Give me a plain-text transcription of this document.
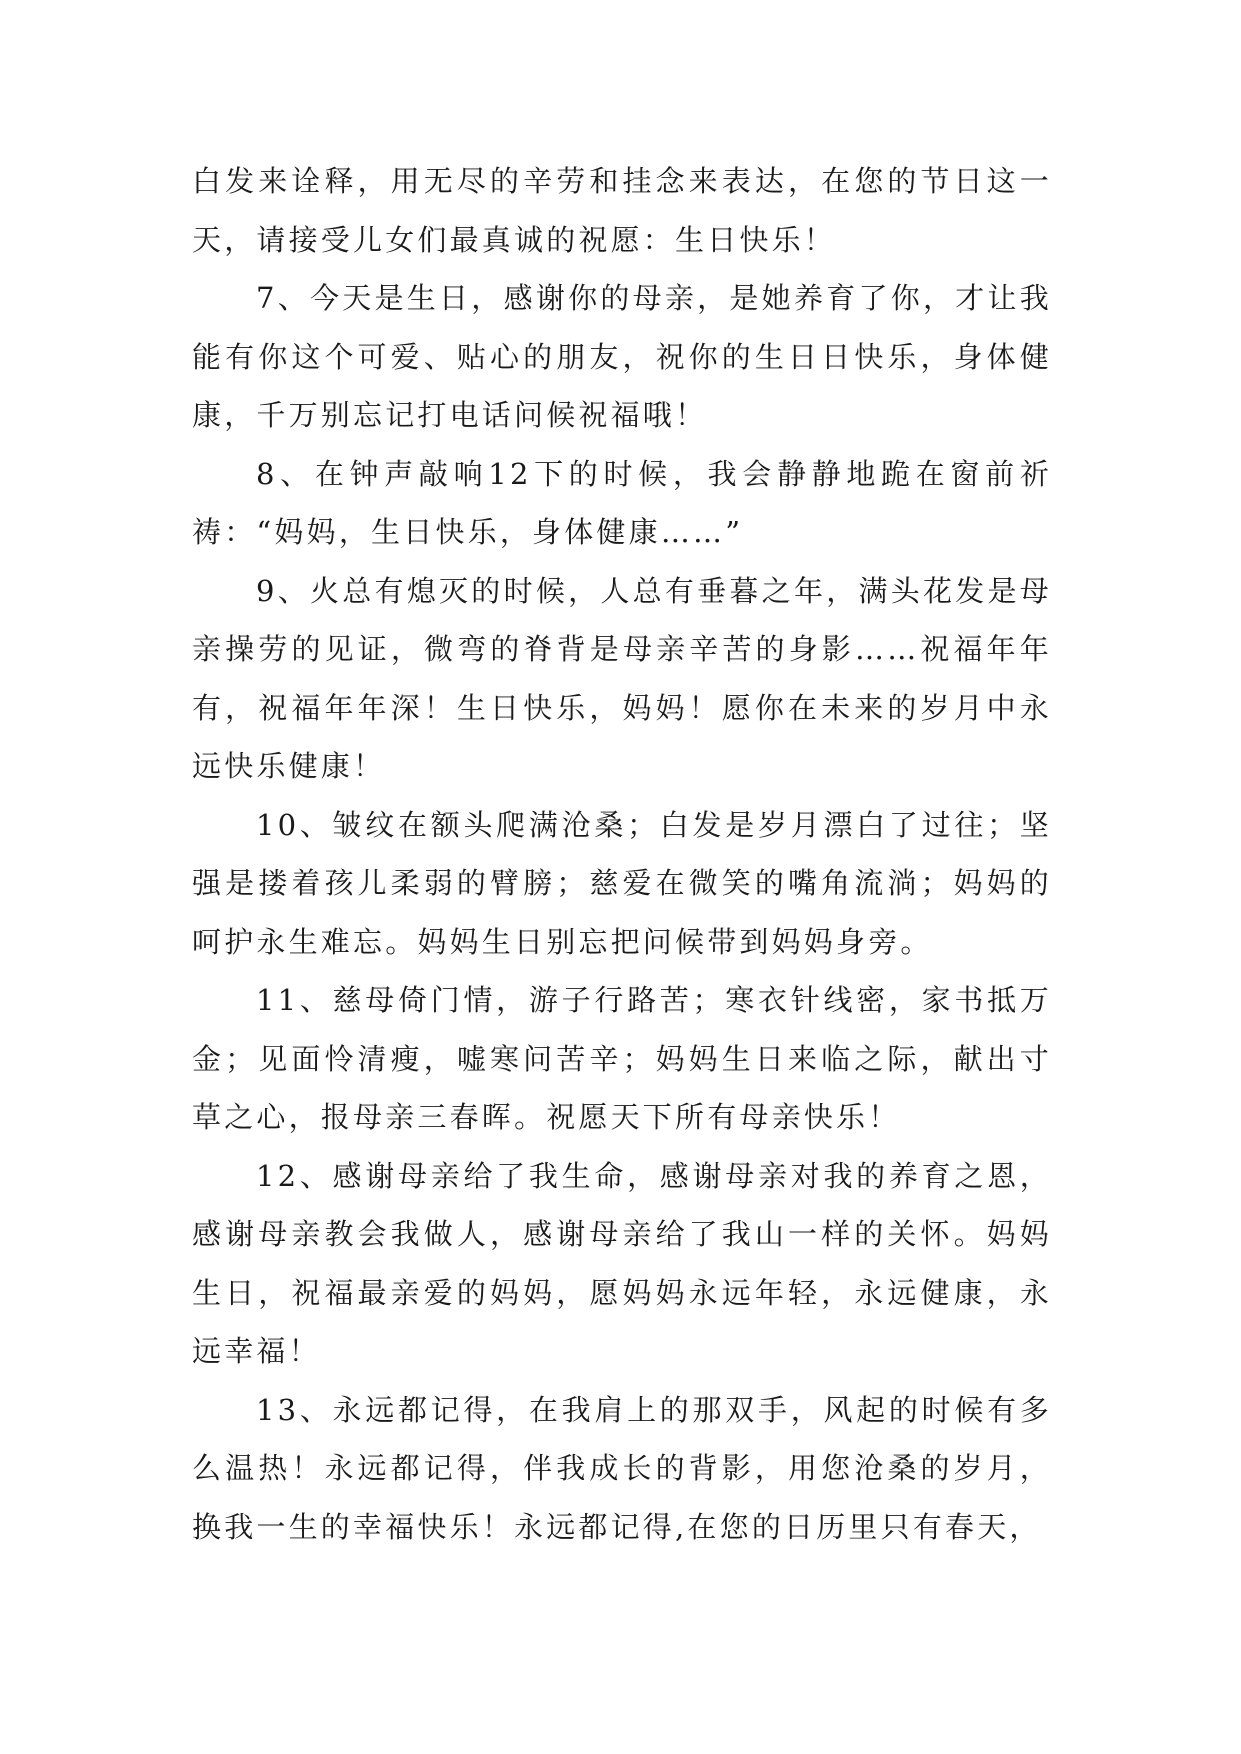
白发来诠释，用无尽的辛劳和挂念来表达，在您的节日这一天，请接受儿女们最真诚的祝愿：生日快乐！

7、今天是生日，感谢你的母亲，是她养育了你，才让我能有你这个可爱、贴心的朋友，祝你的生日日快乐，身体健康，千万别忘记打电话问候祝福哦！

8、在钟声敲响12下的时候，我会静静地跪在窗前祈祷：“妈妈，生日快乐，身体健康……”

9、火总有熄灭的时候，人总有垂暮之年，满头花发是母亲操劳的见证，微弯的脊背是母亲辛苦的身影……祝福年年有，祝福年年深！生日快乐，妈妈！愿你在未来的岁月中永远快乐健康！

10、皱纹在额头爬满沧桑；白发是岁月漂白了过往；坚强是搂着孩儿柔弱的臂膀；慈爱在微笑的嘴角流淌；妈妈的呵护永生难忘。妈妈生日别忘把问候带到妈妈身旁。

11、慈母倚门情，游子行路苦；寒衣针线密，家书抵万金；见面怜清瘦，嘘寒问苦辛；妈妈生日来临之际，献出寸草之心，报母亲三春晖。祝愿天下所有母亲快乐！

12、感谢母亲给了我生命，感谢母亲对我的养育之恩，感谢母亲教会我做人，感谢母亲给了我山一样的关怀。妈妈生日，祝福最亲爱的妈妈，愿妈妈永远年轻，永远健康，永远幸福！

13、永远都记得，在我肩上的那双手，风起的时候有多么温热！永远都记得，伴我成长的背影，用您沧桑的岁月，换我一生的幸福快乐！永远都记得,在您的日历里只有春天，
